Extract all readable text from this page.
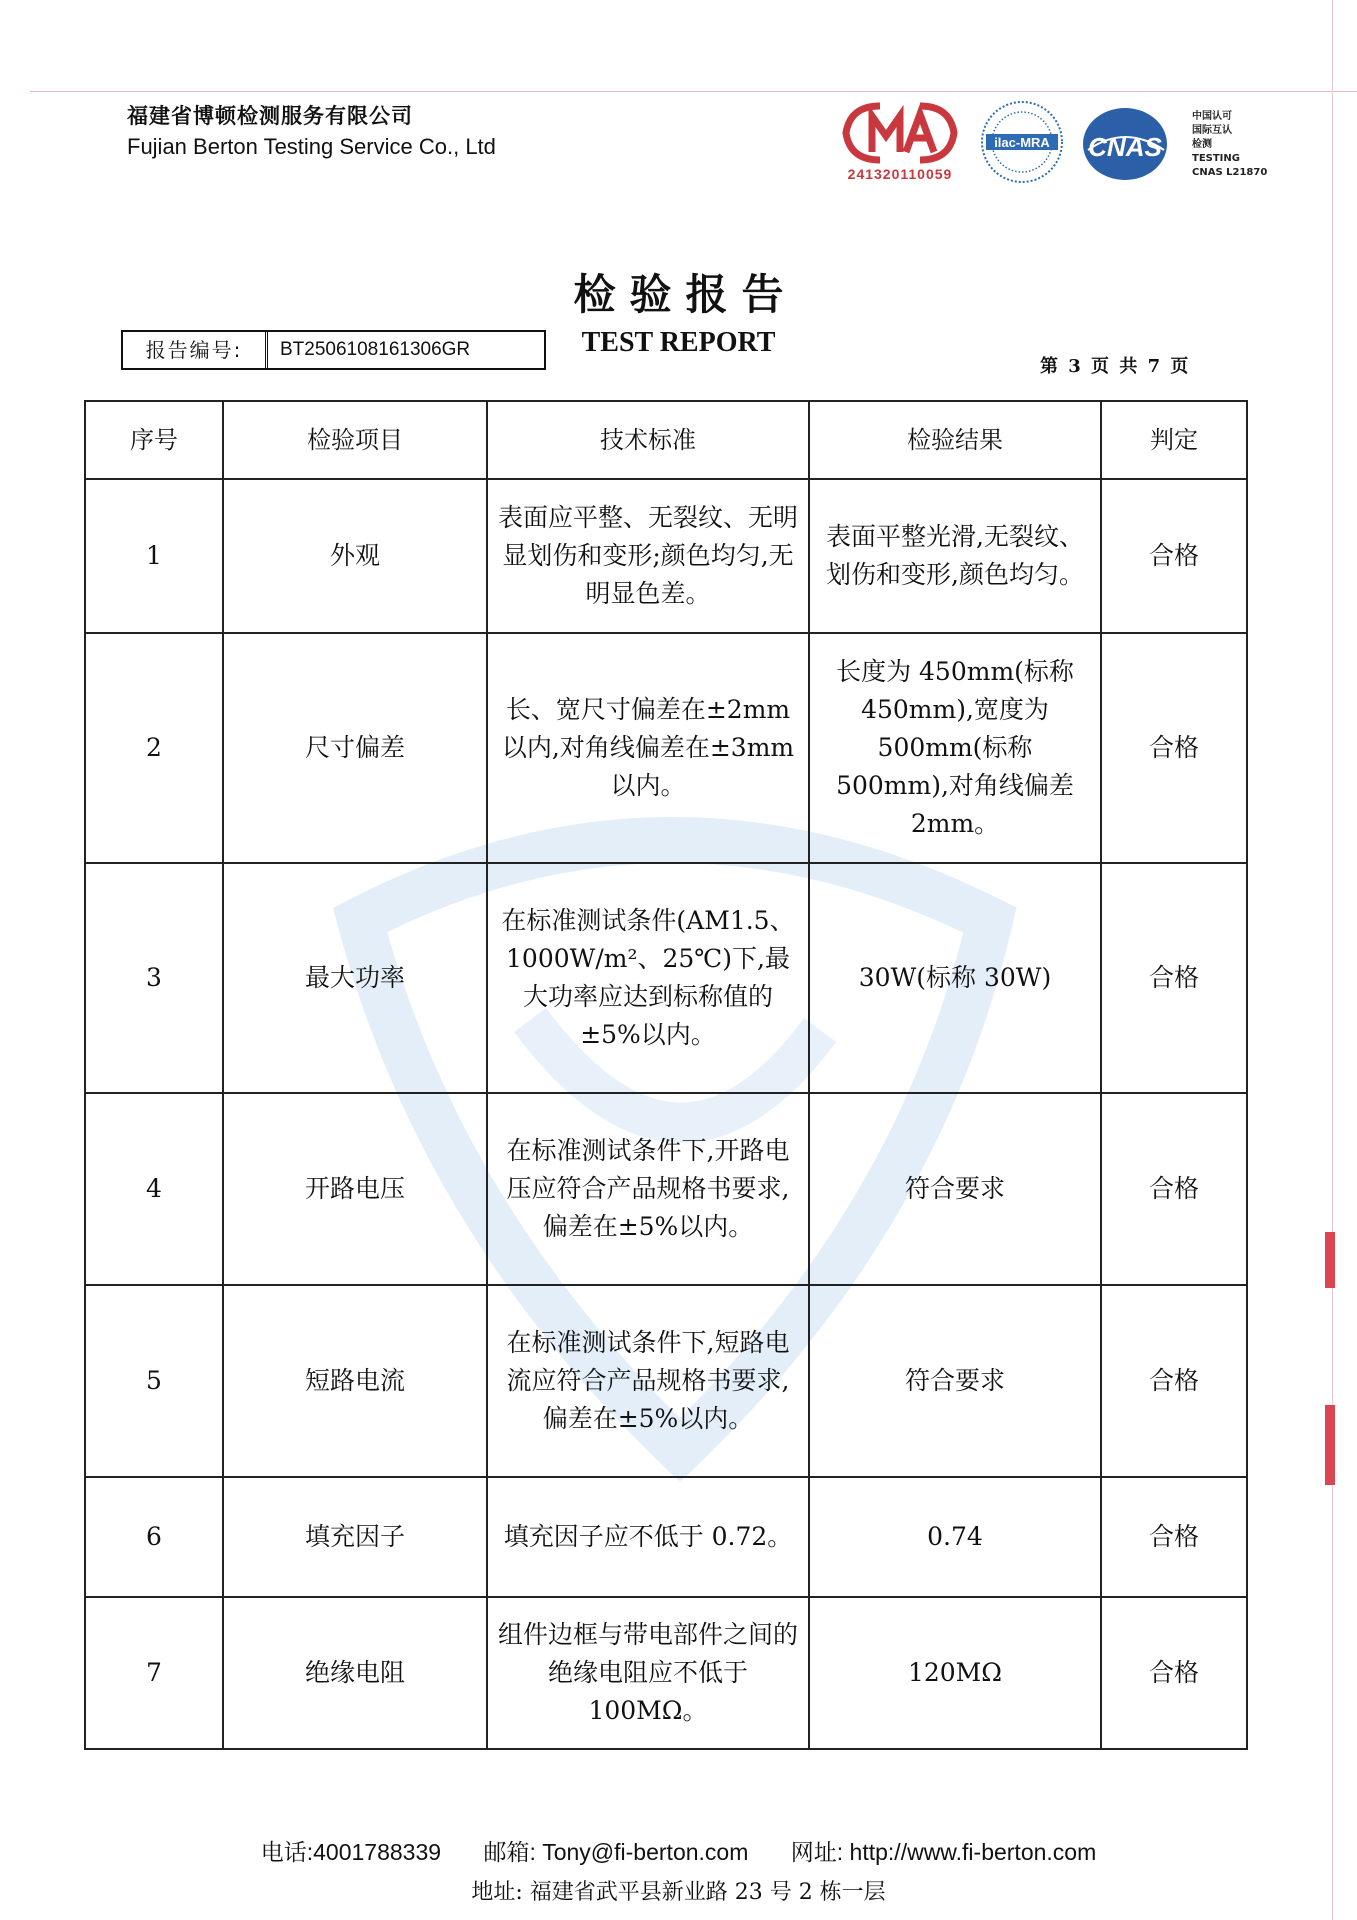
福建省博顿检测服务有限公司
Fujian Berton Testing Service Co., Ltd
241320110059
ilac-MRA CNAS
中国认可
国际互认
检测
TESTING
CNAS L21870
检验报告
TEST REPORT
报告编号:	BT2506108161306GR
第 3 页 共 7 页
序号	检验项目	技术标准	检验结果	判定
1	外观	表面应平整、无裂纹、无明显划伤和变形;颜色均匀,无明显色差。	表面平整光滑,无裂纹、划伤和变形,颜色均匀。	合格
2	尺寸偏差	长、宽尺寸偏差在±2mm 以内,对角线偏差在±3mm 以内。	长度为 450mm(标称 450mm),宽度为 500mm(标称 500mm),对角线偏差 2mm。	合格
3	最大功率	在标准测试条件(AM1.5、1000W/m²、25℃)下,最大功率应达到标称值的±5%以内。	30W(标称 30W)	合格
4	开路电压	在标准测试条件下,开路电压应符合产品规格书要求,偏差在±5%以内。	符合要求	合格
5	短路电流	在标准测试条件下,短路电流应符合产品规格书要求,偏差在±5%以内。	符合要求	合格
6	填充因子	填充因子应不低于 0.72。	0.74	合格
7	绝缘电阻	组件边框与带电部件之间的绝缘电阻应不低于 100MΩ。	120MΩ	合格
电话:4001788339 邮箱: Tony@fi-berton.com 网址: http://www.fi-berton.com
地址: 福建省武平县新业路 23 号 2 栋一层
